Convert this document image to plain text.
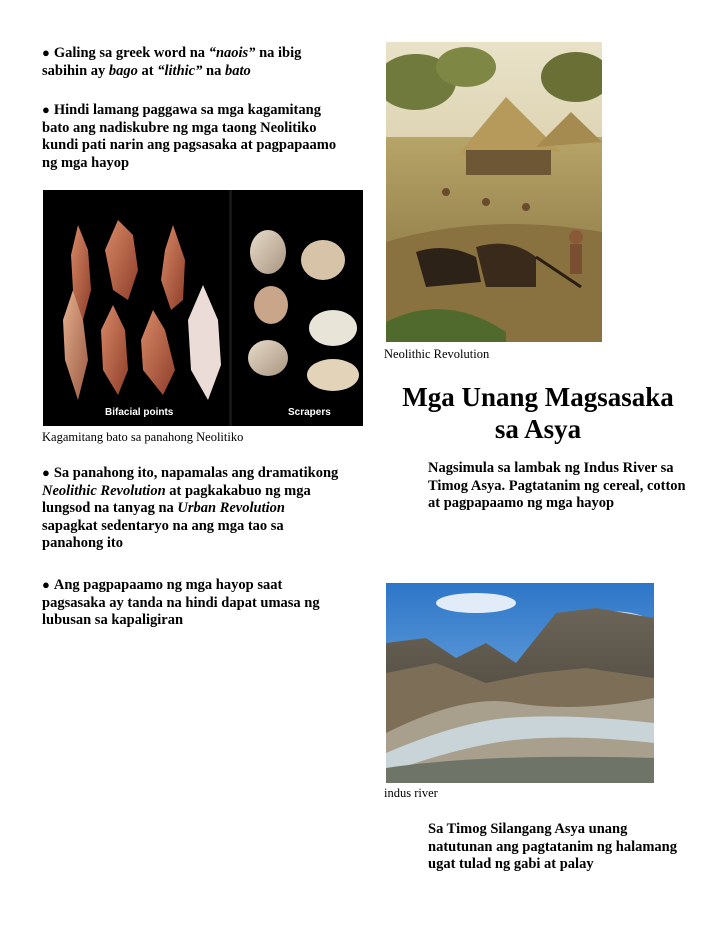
● Galing sa greek word na “naois” na ibig sabihin ay bago at “lithic” na bato
● Hindi lamang paggawa sa mga kagamitang bato ang nadiskubre ng mga taong Neolitiko kundi pati narin ang pagsasaka at pagpapaamo ng mga hayop
Bifacial points	Scrapers
Kagamitang bato sa panahong Neolitiko
● Sa panahong ito, napamalas ang dramatikong Neolithic Revolution at pagkakabuo ng mga lungsod na tanyag na Urban Revolution sapagkat sedentaryo na ang mga tao sa panahong ito
● Ang pagpapaamo ng mga hayop saat pagsasaka ay tanda na hindi dapat umasa ng lubusan sa kapaligiran
Neolithic Revolution
Mga Unang Magsasaka
sa Asya
Nagsimula sa lambak ng Indus River sa Timog Asya. Pagtatanim ng cereal, cotton at pagpapaamo ng mga hayop
indus river
Sa Timog Silangang Asya unang natutunan ang pagtatanim ng halamang ugat tulad ng gabi at palay
